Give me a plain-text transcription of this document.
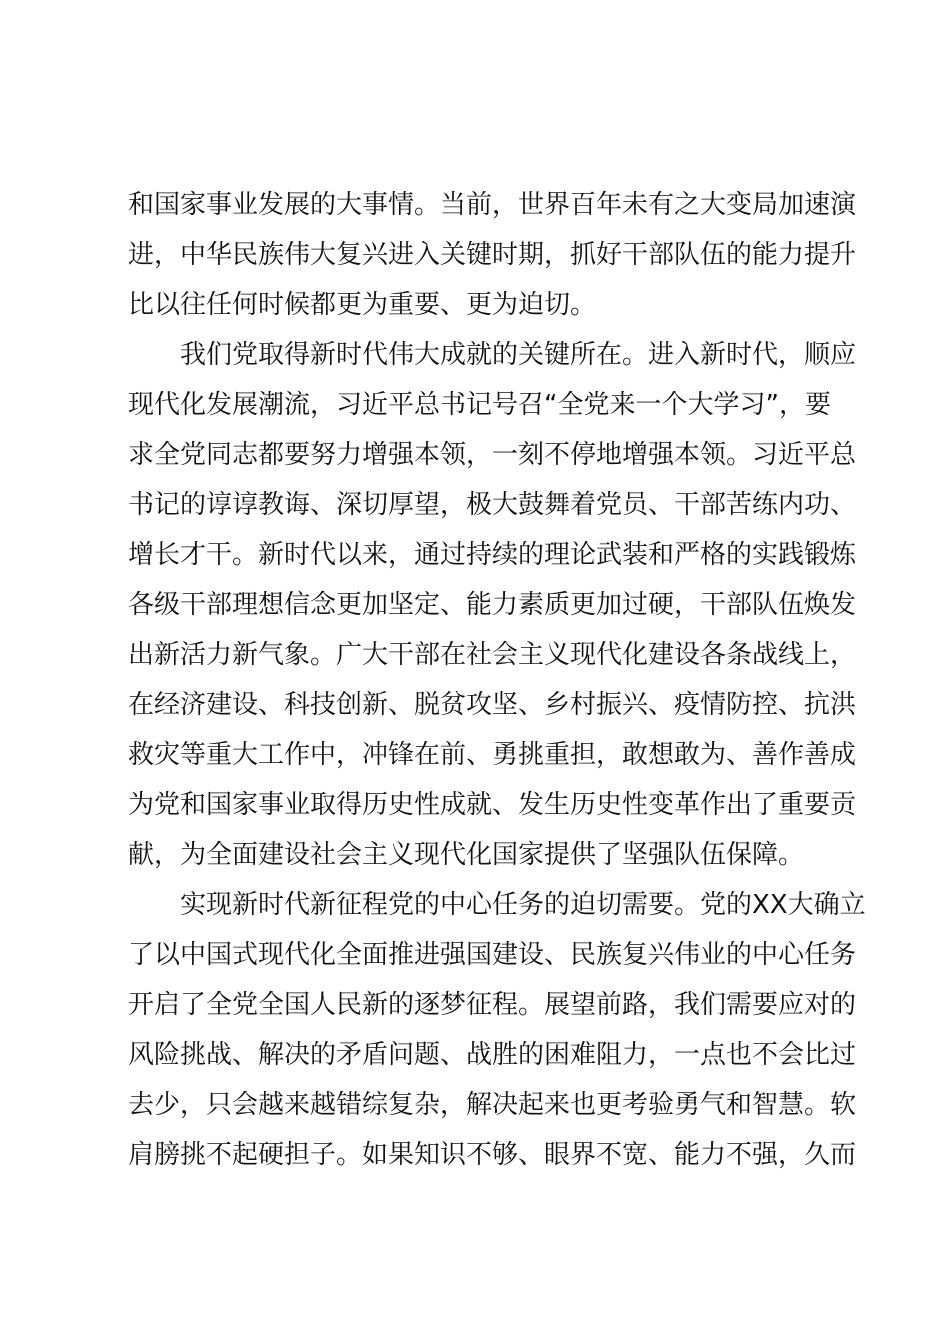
和国家事业发展的大事情。当前，世界百年未有之大变局加速演
进，中华民族伟大复兴进入关键时期，抓好干部队伍的能力提升
比以往任何时候都更为重要、更为迫切。
我们党取得新时代伟大成就的关键所在。进入新时代，顺应
现代化发展潮流，习近平总书记号召“全党来一个大学习”，要
求全党同志都要努力增强本领，一刻不停地增强本领。习近平总
书记的谆谆教诲、深切厚望，极大鼓舞着党员、干部苦练内功、
增长才干。新时代以来，通过持续的理论武装和严格的实践锻炼
各级干部理想信念更加坚定、能力素质更加过硬，干部队伍焕发
出新活力新气象。广大干部在社会主义现代化建设各条战线上，
在经济建设、科技创新、脱贫攻坚、乡村振兴、疫情防控、抗洪
救灾等重大工作中，冲锋在前、勇挑重担，敢想敢为、善作善成
为党和国家事业取得历史性成就、发生历史性变革作出了重要贡
献，为全面建设社会主义现代化国家提供了坚强队伍保障。
实现新时代新征程党的中心任务的迫切需要。党的XX大确立
了以中国式现代化全面推进强国建设、民族复兴伟业的中心任务
开启了全党全国人民新的逐梦征程。展望前路，我们需要应对的
风险挑战、解决的矛盾问题、战胜的困难阻力，一点也不会比过
去少，只会越来越错综复杂，解决起来也更考验勇气和智慧。软
肩膀挑不起硬担子。如果知识不够、眼界不宽、能力不强，久而
